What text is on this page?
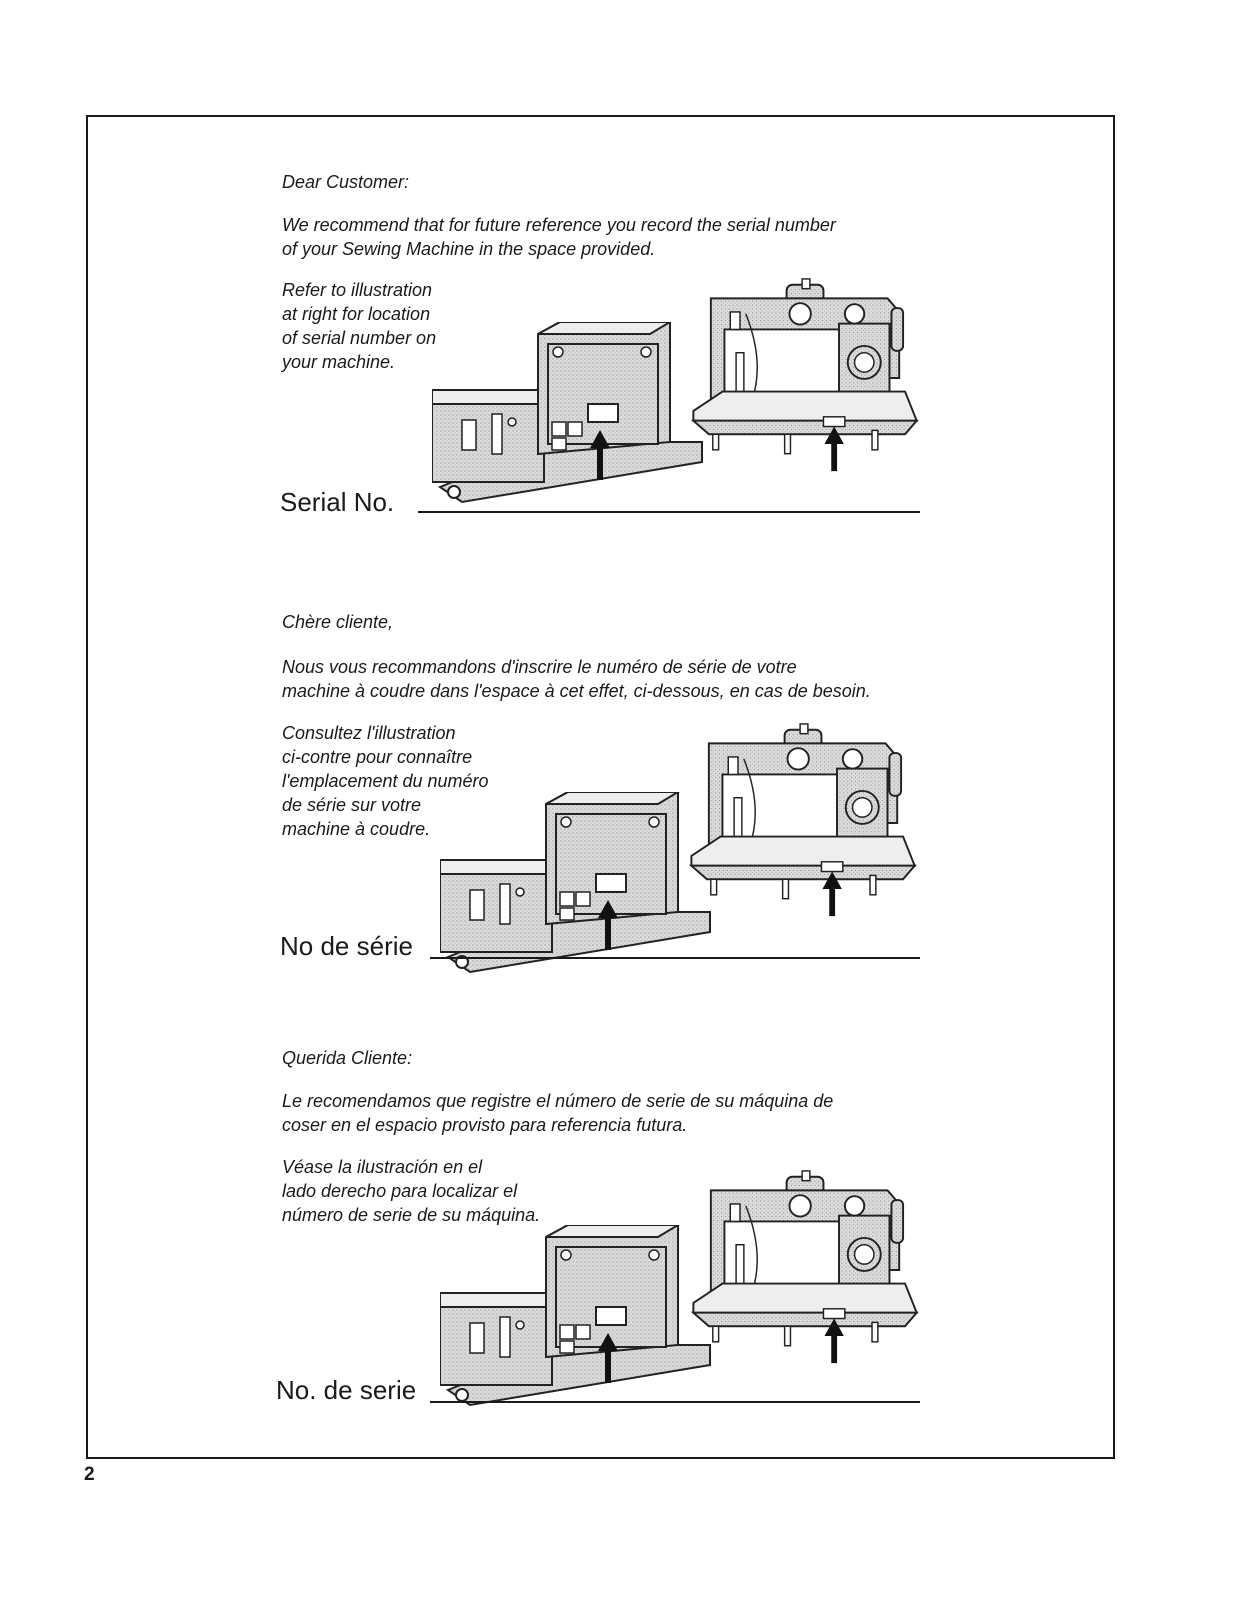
Dear Customer:

We recommend that for future reference you record the serial number
of your Sewing Machine in the space provided.
Refer to illustration
at right for location
of serial number on
your machine.
Serial No.

Chère cliente,

Nous vous recommandons d'inscrire le numéro de série de votre
machine à coudre dans l'espace à cet effet, ci-dessous, en cas de besoin.
Consultez l'illustration
ci-contre pour connaître
l'emplacement du numéro
de série sur votre
machine à coudre.
No de série

Querida Cliente:

Le recomendamos que registre el número de serie de su máquina de
coser en el espacio provisto para referencia futura.
Véase la ilustración en el
lado derecho para localizar el
número de serie de su máquina.
No. de serie
2
